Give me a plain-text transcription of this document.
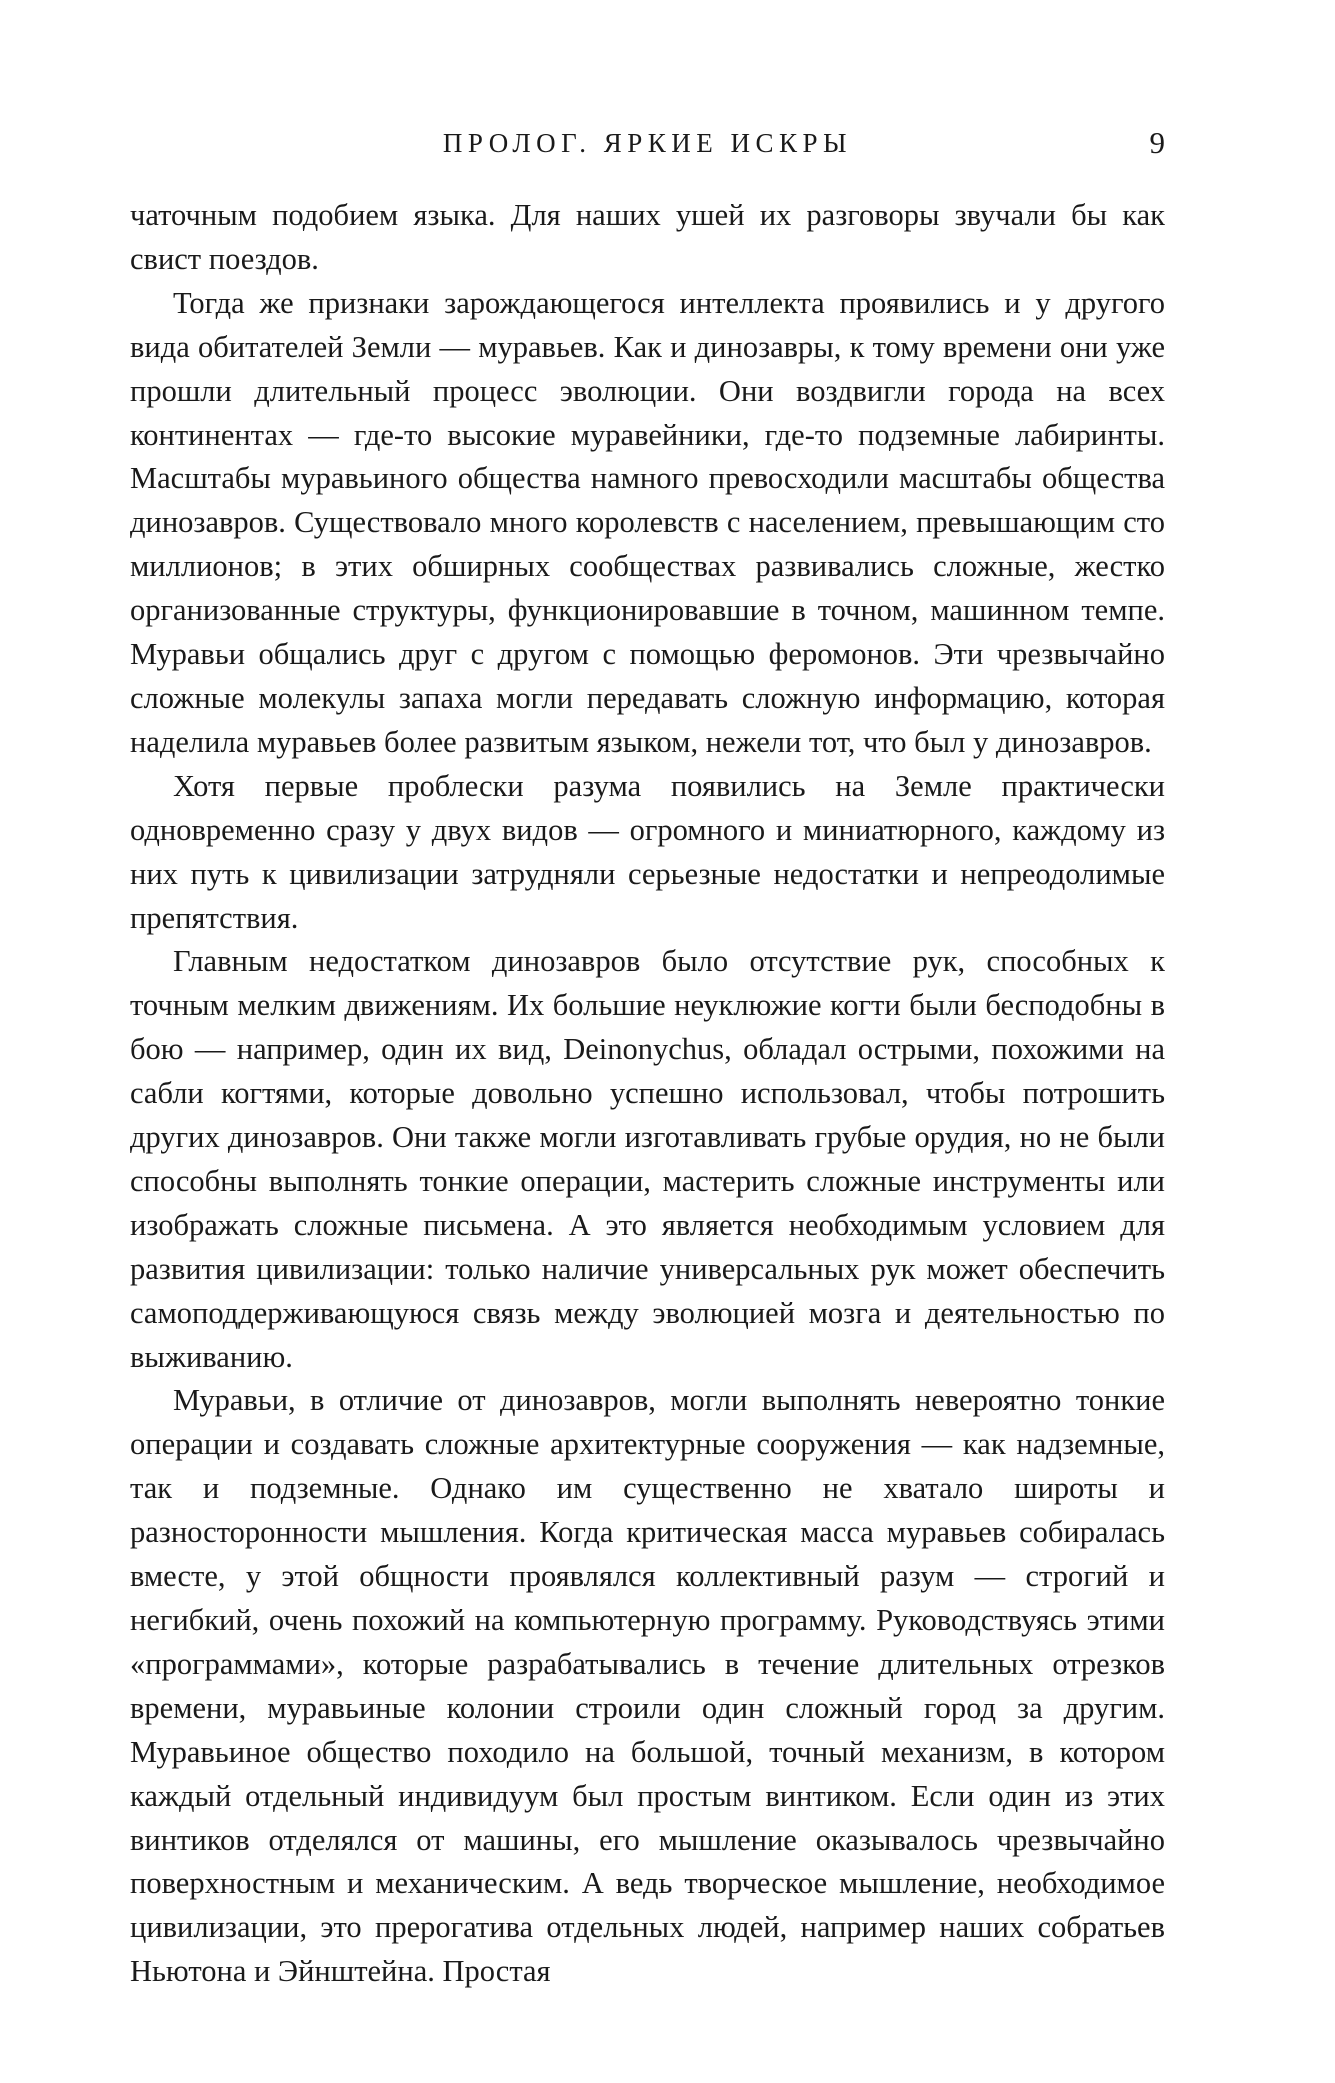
ПРОЛОГ. ЯРКИЕ ИСКРЫ	9

чаточным подобием языка. Для наших ушей их разговоры звучали бы как свист поездов.

Тогда же признаки зарождающегося интеллекта проявились и у другого вида обитателей Земли — муравьев. Как и динозавры, к тому времени они уже прошли длительный процесс эволюции. Они воздвигли города на всех континентах — где-то высокие муравейники, где-то подземные лабиринты. Масштабы муравьиного общества намного превосходили масштабы общества динозавров. Существовало много королевств с населением, превышающим сто миллионов; в этих обширных сообществах развивались сложные, жестко организованные структуры, функционировавшие в точном, машинном темпе. Муравьи общались друг с другом с помощью феромонов. Эти чрезвычайно сложные молекулы запаха могли передавать сложную информацию, которая наделила муравьев более развитым языком, нежели тот, что был у динозавров.

Хотя первые проблески разума появились на Земле практически одновременно сразу у двух видов — огромного и миниатюрного, каждому из них путь к цивилизации затрудняли серьезные недостатки и непреодолимые препятствия.

Главным недостатком динозавров было отсутствие рук, способных к точным мелким движениям. Их большие неуклюжие когти были бесподобны в бою — например, один их вид, Deinonychus, обладал острыми, похожими на сабли когтями, которые довольно успешно использовал, чтобы потрошить других динозавров. Они также могли изготавливать грубые орудия, но не были способны выполнять тонкие операции, мастерить сложные инструменты или изображать сложные письмена. А это является необходимым условием для развития цивилизации: только наличие универсальных рук может обеспечить самоподдерживающуюся связь между эволюцией мозга и деятельностью по выживанию.

Муравьи, в отличие от динозавров, могли выполнять невероятно тонкие операции и создавать сложные архитектурные сооружения — как надземные, так и подземные. Однако им существенно не хватало широты и разносторонности мышления. Когда критическая масса муравьев собиралась вместе, у этой общности проявлялся коллективный разум — строгий и негибкий, очень похожий на компьютерную программу. Руководствуясь этими «программами», которые разрабатывались в течение длительных отрезков времени, муравьиные колонии строили один сложный город за другим. Муравьиное общество походило на большой, точный механизм, в котором каждый отдельный индивидуум был простым винтиком. Если один из этих винтиков отделялся от машины, его мышление оказывалось чрезвычайно поверхностным и механическим. А ведь творческое мышление, необходимое цивилизации, это прерогатива отдельных людей, например наших собратьев Ньютона и Эйнштейна. Простая
